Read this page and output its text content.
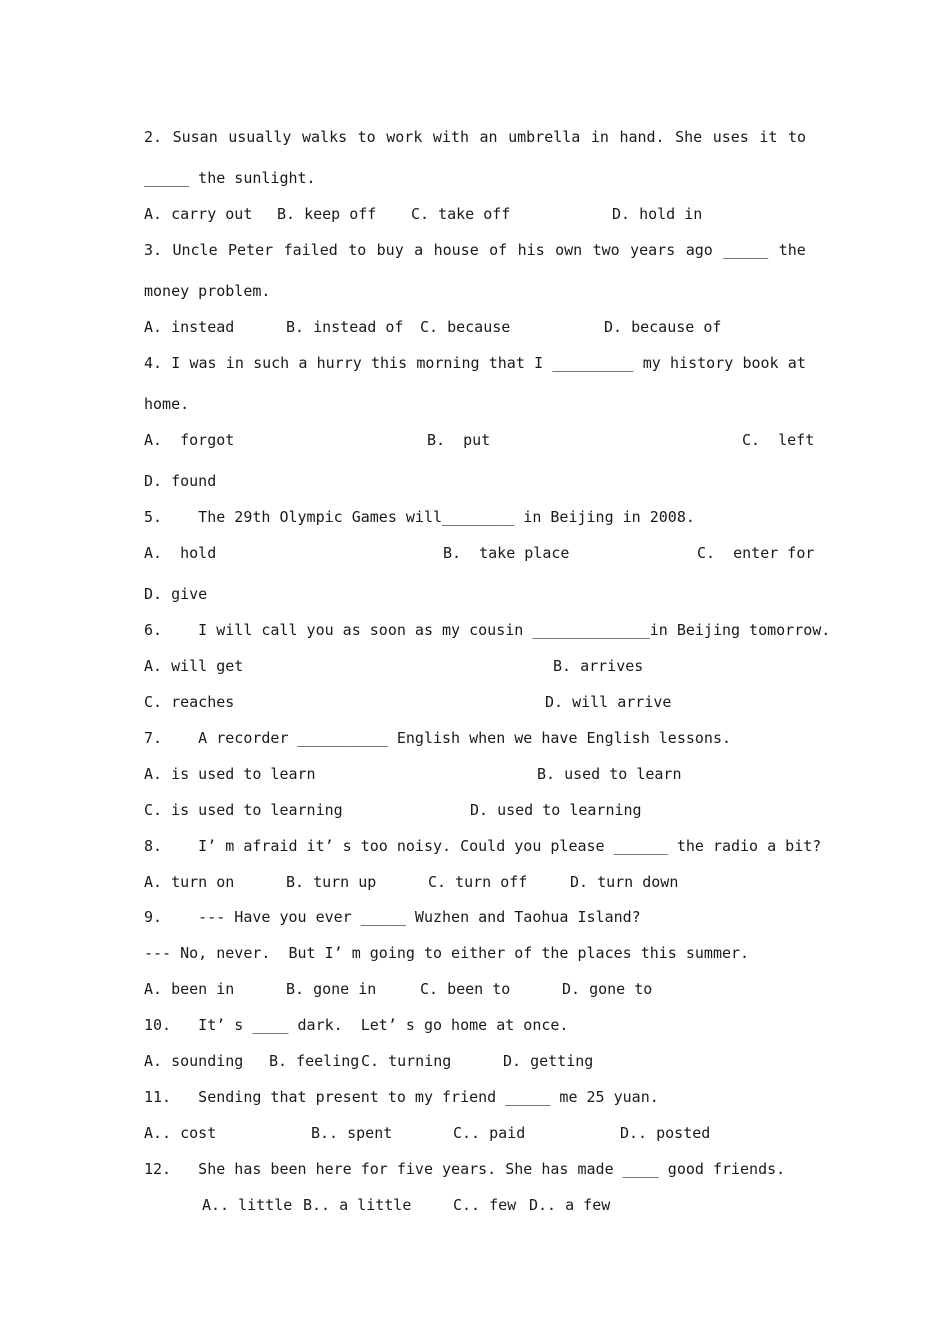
2. Susan usually walks to work with an umbrella in hand. She uses it to
_____ the sunlight.
A. carry out B. keep off C. take off	D. hold in
3. Uncle Peter failed to buy a house of his own two years ago _____ the
money problem.
A. instead	B. instead of C. because	D. because of
4. I was in such a hurry this morning that I _________ my history book at
home.
A.  forgot	B.  put	C.  left
D. found
5.    The 29th Olympic Games will________ in Beijing in 2008.
A.  hold	B.  take place	C.  enter for
D. give
6.    I will call you as soon as my cousin _____________in Beijing tomorrow.
A. will get	B. arrives
C. reaches	D. will arrive
7.    A recorder __________ English when we have English lessons.
A. is used to learn	B. used to learn
C. is used to learning	D. used to learning
8.    I’ m afraid it’ s too noisy. Could you please ______ the radio a bit?
A. turn on	B. turn up	C. turn off	D. turn down
9.    --- Have you ever _____ Wuzhen and Taohua Island?
--- No, never.  But I’ m going to either of the places this summer.
A. been in	B. gone in	C. been to	D. gone to
10.   It’ s ____ dark.  Let’ s go home at once.
A. sounding B. feeling C. turning	D. getting
11.   Sending that present to my friend _____ me 25 yuan.
A.. cost	B.. spent	C.. paid	D.. posted
12.   She has been here for five years. She has made ____ good friends.
A.. little B.. a little	C.. few D.. a few
